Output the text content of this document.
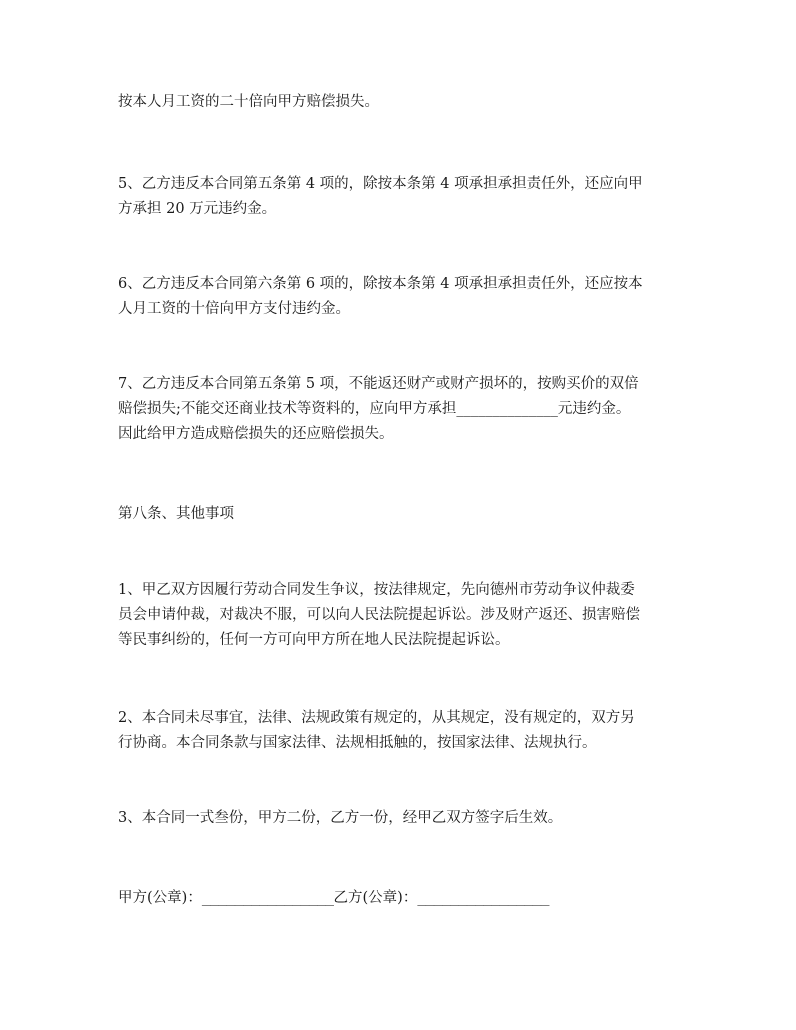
按本人月工资的二十倍向甲方赔偿损失。

5、乙方违反本合同第五条第 4 项的，除按本条第 4 项承担承担责任外，还应向甲
方承担 20 万元违约金。

6、乙方违反本合同第六条第 6 项的，除按本条第 4 项承担承担责任外，还应按本
人月工资的十倍向甲方支付违约金。

7、乙方违反本合同第五条第 5 项，不能返还财产或财产损坏的，按购买价的双倍
赔偿损失;不能交还商业技术等资料的，应向甲方承担______________元违约金。
因此给甲方造成赔偿损失的还应赔偿损失。

第八条、其他事项

1、甲乙双方因履行劳动合同发生争议，按法律规定，先向德州市劳动争议仲裁委
员会申请仲裁，对裁决不服，可以向人民法院提起诉讼。涉及财产返还、损害赔偿
等民事纠纷的，任何一方可向甲方所在地人民法院提起诉讼。

2、本合同未尽事宜，法律、法规政策有规定的，从其规定，没有规定的，双方另
行协商。本合同条款与国家法律、法规相抵触的，按国家法律、法规执行。

3、本合同一式叁份，甲方二份，乙方一份，经甲乙双方签字后生效。

甲方(公章)：________________乙方(公章)：________________
